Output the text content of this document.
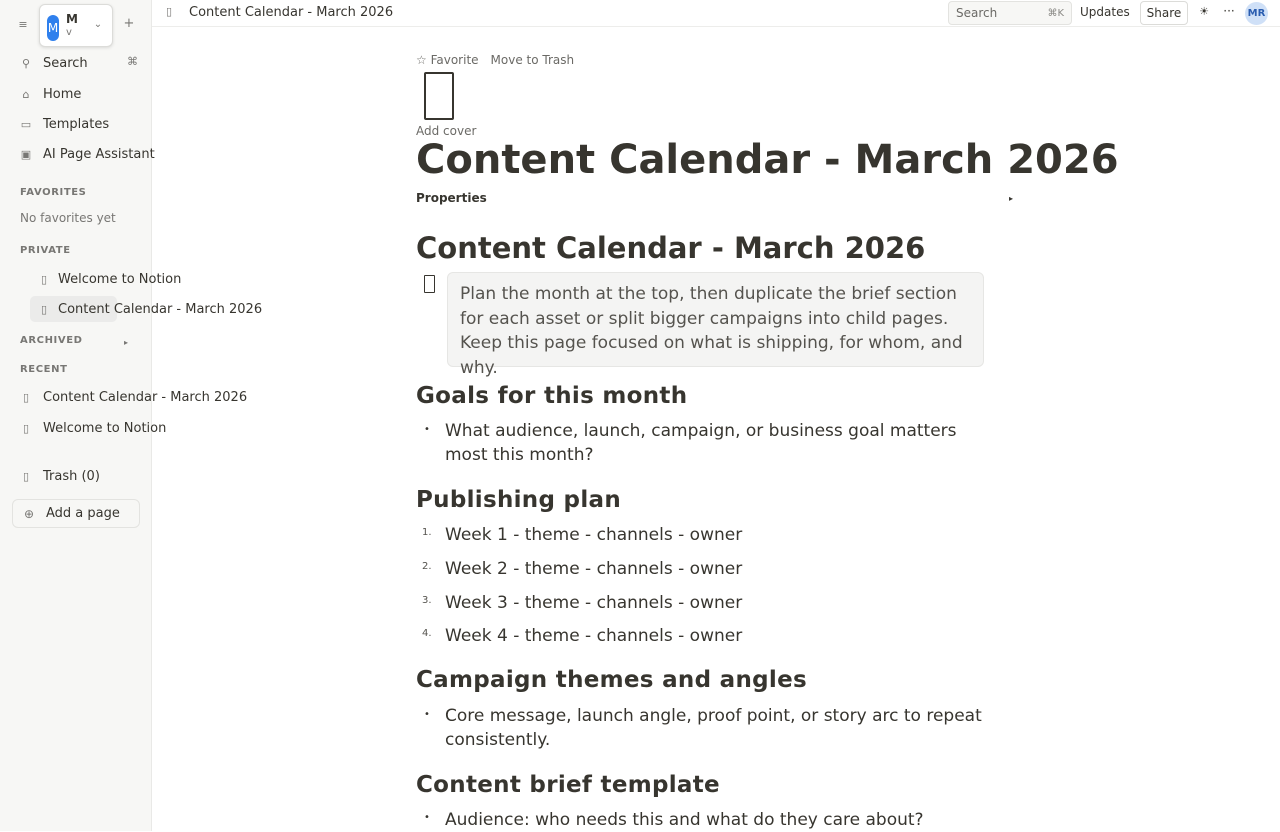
≡	M
M
v
⌄ +
⚲ Search	⌘
⌂	Home
▭ Templates
▣ AI Page Assistant
FAVORITES
No favorites yet
PRIVATE
▯ Welcome to Notion
▯ Content Calendar - March 2026
ARCHIVED	▸
RECENT
▯	Content Calendar - March 2026
▯	Welcome to Notion
▯	Trash (0)
⊕ Add a page
▯ Content Calendar - March 2026	Search	⌘K Updates	Share	☀ ··· MR
☆ Favorite Move to Trash
Add cover
Content Calendar - March 2026
Properties	▸
Content Calendar - March 2026
Plan the month at the top, then duplicate the brief section for each asset or split bigger campaigns into child pages. Keep this page focused on what is shipping, for whom, and why.
Goals for this month
• What audience, launch, campaign, or business goal matters most this month?
Publishing plan
1. Week 1 - theme - channels - owner
2. Week 2 - theme - channels - owner
3. Week 3 - theme - channels - owner
4. Week 4 - theme - channels - owner
Campaign themes and angles
• Core message, launch angle, proof point, or story arc to repeat consistently.
Content brief template
• Audience: who needs this and what do they care about?
